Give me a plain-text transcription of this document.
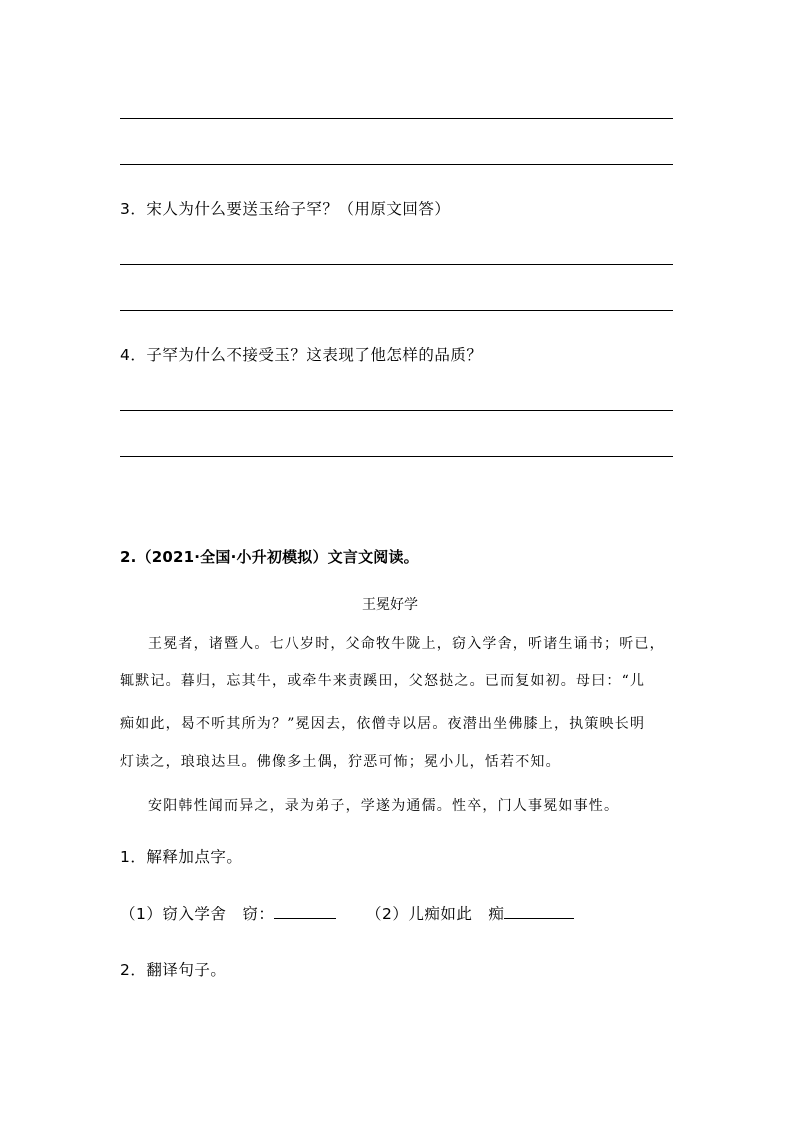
3．宋人为什么要送玉给子罕？（用原文回答）
4．子罕为什么不接受玉？这表现了他怎样的品质？
2.（2021·全国·小升初模拟）文言文阅读。
王冕好学
王冕者，诸暨人。七八岁时，父命牧牛陇上，窃入学舍，听诸生诵书；听已，
辄默记。暮归，忘其牛，或牵牛来责蹊田，父怒挞之。已而复如初。母曰：“儿
痴如此，曷不听其所为？”冕因去，依僧寺以居。夜潜出坐佛膝上，执策映长明
灯读之，琅琅达旦。佛像多土偶，狞恶可怖；冕小儿，恬若不知。
安阳韩性闻而异之，录为弟子，学遂为通儒。性卒，门人事冕如事性。
1．解释加点字。
（1）窃入学舍　窃：	（2）儿痴如此　痴
2．翻译句子。
